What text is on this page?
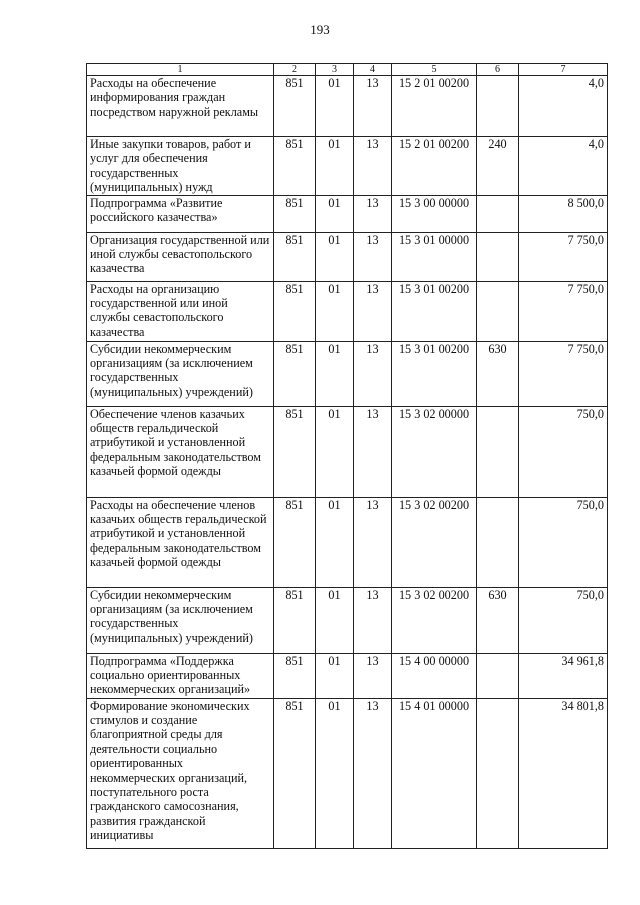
193
1	2	3	4	5	6	7
Расходы на обеспечение информирования граждан посредством наружной рекламы	851	01	13	15 2 01 00200		4,0
Иные закупки товаров, работ и услуг для обеспечения государственных (муниципальных) нужд	851	01	13	15 2 01 00200	240	4,0
Подпрограмма «Развитие российского казачества»	851	01	13	15 3 00 00000		8 500,0
Организация государственной или иной службы севастопольского казачества	851	01	13	15 3 01 00000		7 750,0
Расходы на организацию государственной или иной службы севастопольского казачества	851	01	13	15 3 01 00200		7 750,0
Субсидии некоммерческим организациям (за исключением государственных (муниципальных) учреждений)	851	01	13	15 3 01 00200	630	7 750,0
Обеспечение членов казачьих обществ геральдической атрибутикой и установленной федеральным законодательством казачьей формой одежды	851	01	13	15 3 02 00000		750,0
Расходы на обеспечение членов казачьих обществ геральдической атрибутикой и установленной федеральным законодательством казачьей формой одежды	851	01	13	15 3 02 00200		750,0
Субсидии некоммерческим организациям (за исключением государственных (муниципальных) учреждений)	851	01	13	15 3 02 00200	630	750,0
Подпрограмма «Поддержка социально ориентированных некоммерческих организаций»	851	01	13	15 4 00 00000		34 961,8
Формирование экономических стимулов и создание благоприятной среды для деятельности социально ориентированных некоммерческих организаций, поступательного роста гражданского самосознания, развития гражданской инициативы	851	01	13	15 4 01 00000		34 801,8
